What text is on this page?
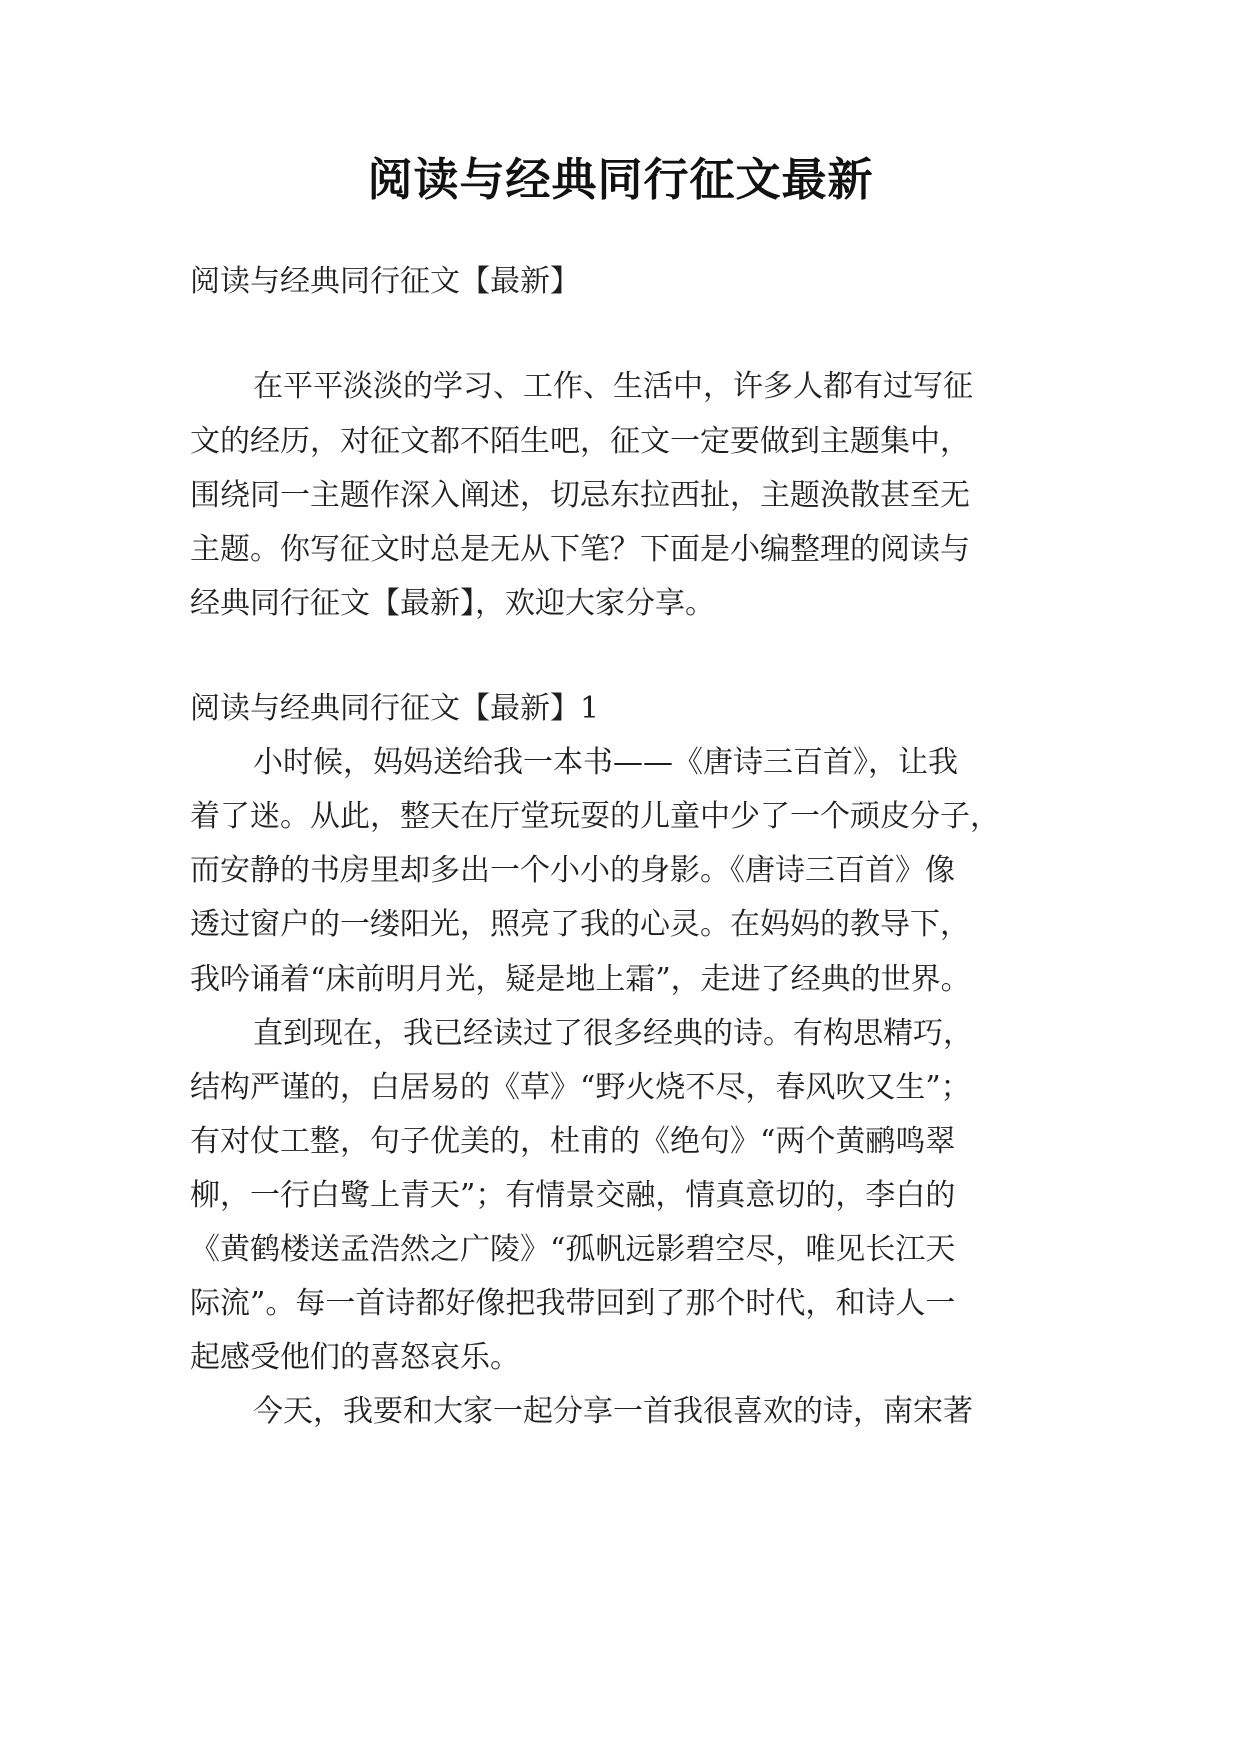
阅读与经典同行征文最新

阅读与经典同行征文【最新】

在平平淡淡的学习、工作、生活中，许多人都有过写征

文的经历，对征文都不陌生吧，征文一定要做到主题集中，

围绕同一主题作深入阐述，切忌东拉西扯，主题涣散甚至无

主题。你写征文时总是无从下笔？下面是小编整理的阅读与

经典同行征文【最新】，欢迎大家分享。

阅读与经典同行征文【最新】1

小时候，妈妈送给我一本书——《唐诗三百首》，让我

着了迷。从此，整天在厅堂玩耍的儿童中少了一个顽皮分子，

而安静的书房里却多出一个小小的身影。《唐诗三百首》像

透过窗户的一缕阳光，照亮了我的心灵。在妈妈的教导下，

我吟诵着“床前明月光，疑是地上霜”，走进了经典的世界。

直到现在，我已经读过了很多经典的诗。有构思精巧，

结构严谨的，白居易的《草》“野火烧不尽，春风吹又生”；

有对仗工整，句子优美的，杜甫的《绝句》“两个黄鹂鸣翠

柳，一行白鹭上青天”；有情景交融，情真意切的，李白的

《黄鹤楼送孟浩然之广陵》“孤帆远影碧空尽，唯见长江天

际流”。每一首诗都好像把我带回到了那个时代，和诗人一

起感受他们的喜怒哀乐。

今天，我要和大家一起分享一首我很喜欢的诗，南宋著
